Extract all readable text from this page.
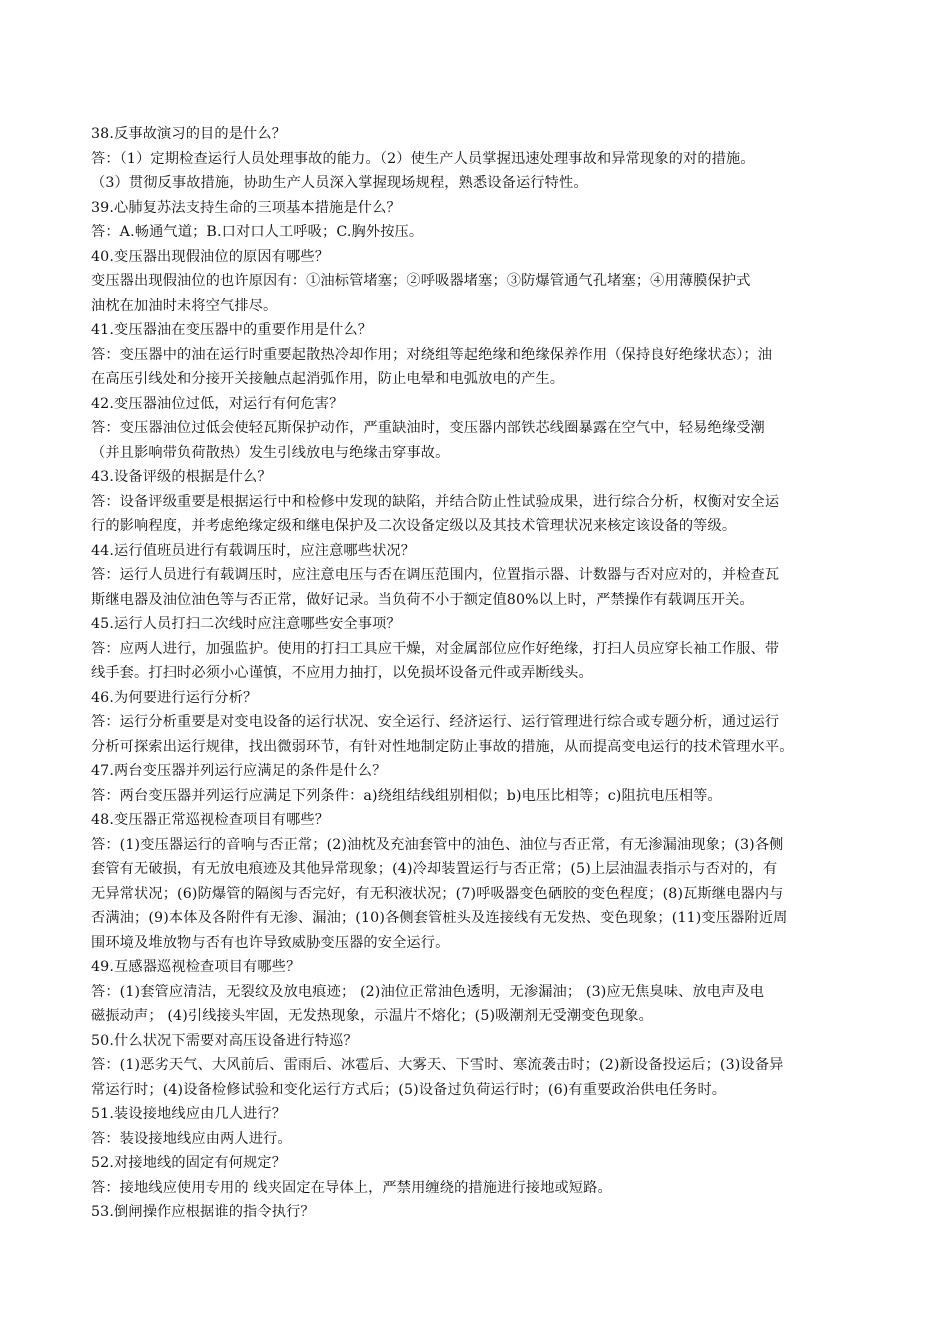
38.反事故演习的目的是什么？
答：（1）定期检查运行人员处理事故的能力。（2）使生产人员掌握迅速处理事故和异常现象的对的措施。
（3）贯彻反事故措施，协助生产人员深入掌握现场规程，熟悉设备运行特性。
39.心肺复苏法支持生命的三项基本措施是什么？
答：A.畅通气道；B.口对口人工呼吸；C.胸外按压。
40.变压器出现假油位的原因有哪些？
变压器出现假油位的也许原因有：①油标管堵塞；②呼吸器堵塞；③防爆管通气孔堵塞；④用薄膜保护式
油枕在加油时未将空气排尽。
41.变压器油在变压器中的重要作用是什么？
答：变压器中的油在运行时重要起散热冷却作用；对绕组等起绝缘和绝缘保养作用（保持良好绝缘状态）；油
在高压引线处和分接开关接触点起消弧作用，防止电晕和电弧放电的产生。
42.变压器油位过低，对运行有何危害？
答：变压器油位过低会使轻瓦斯保护动作，严重缺油时，变压器内部铁芯线圈暴露在空气中，轻易绝缘受潮
（并且影响带负荷散热）发生引线放电与绝缘击穿事故。
43.设备评级的根据是什么？
答：设备评级重要是根据运行中和检修中发现的缺陷，并结合防止性试验成果，进行综合分析，权衡对安全运
行的影响程度，并考虑绝缘定级和继电保护及二次设备定级以及其技术管理状况来核定该设备的等级。
44.运行值班员进行有载调压时，应注意哪些状况？
答：运行人员进行有载调压时，应注意电压与否在调压范围内，位置指示器、计数器与否对应对的，并检查瓦
斯继电器及油位油色等与否正常，做好记录。当负荷不小于额定值80%以上时，严禁操作有载调压开关。
45.运行人员打扫二次线时应注意哪些安全事项？
答：应两人进行，加强监护。使用的打扫工具应干燥，对金属部位应作好绝缘，打扫人员应穿长袖工作服、带
线手套。打扫时必须小心谨慎，不应用力抽打，以免损坏设备元件或弄断线头。
46.为何要进行运行分析？
答：运行分析重要是对变电设备的运行状况、安全运行、经济运行、运行管理进行综合或专题分析，通过运行
分析可探索出运行规律，找出微弱环节，有针对性地制定防止事故的措施，从而提高变电运行的技术管理水平。
47.两台变压器并列运行应满足的条件是什么？
答：两台变压器并列运行应满足下列条件：a)绕组结线组别相似；b)电压比相等；c)阻抗电压相等。
48.变压器正常巡视检查项目有哪些？
答：(1)变压器运行的音响与否正常；(2)油枕及充油套管中的油色、油位与否正常，有无渗漏油现象；(3)各侧
套管有无破损，有无放电痕迹及其他异常现象；(4)冷却装置运行与否正常；(5)上层油温表指示与否对的，有
无异常状况；(6)防爆管的隔阂与否完好，有无积液状况；(7)呼吸器变色硒胶的变色程度；(8)瓦斯继电器内与
否满油；(9)本体及各附件有无渗、漏油；(10)各侧套管桩头及连接线有无发热、变色现象；(11)变压器附近周
围环境及堆放物与否有也许导致威胁变压器的安全运行。
49.互感器巡视检查项目有哪些？
答：(1)套管应清洁，无裂纹及放电痕迹； (2)油位正常油色透明，无渗漏油； (3)应无焦臭味、放电声及电
磁振动声； (4)引线接头牢固，无发热现象，示温片不熔化；(5)吸潮剂无受潮变色现象。
50.什么状况下需要对高压设备进行特巡？
答：(1)恶劣天气、大风前后、雷雨后、冰雹后、大雾天、下雪时、寒流袭击时；(2)新设备投运后；(3)设备异
常运行时；(4)设备检修试验和变化运行方式后；(5)设备过负荷运行时；(6)有重要政治供电任务时。
51.装设接地线应由几人进行？
答：装设接地线应由两人进行。
52.对接地线的固定有何规定？
答：接地线应使用专用的 线夹固定在导体上，严禁用缠绕的措施进行接地或短路。
53.倒闸操作应根据谁的指令执行？
